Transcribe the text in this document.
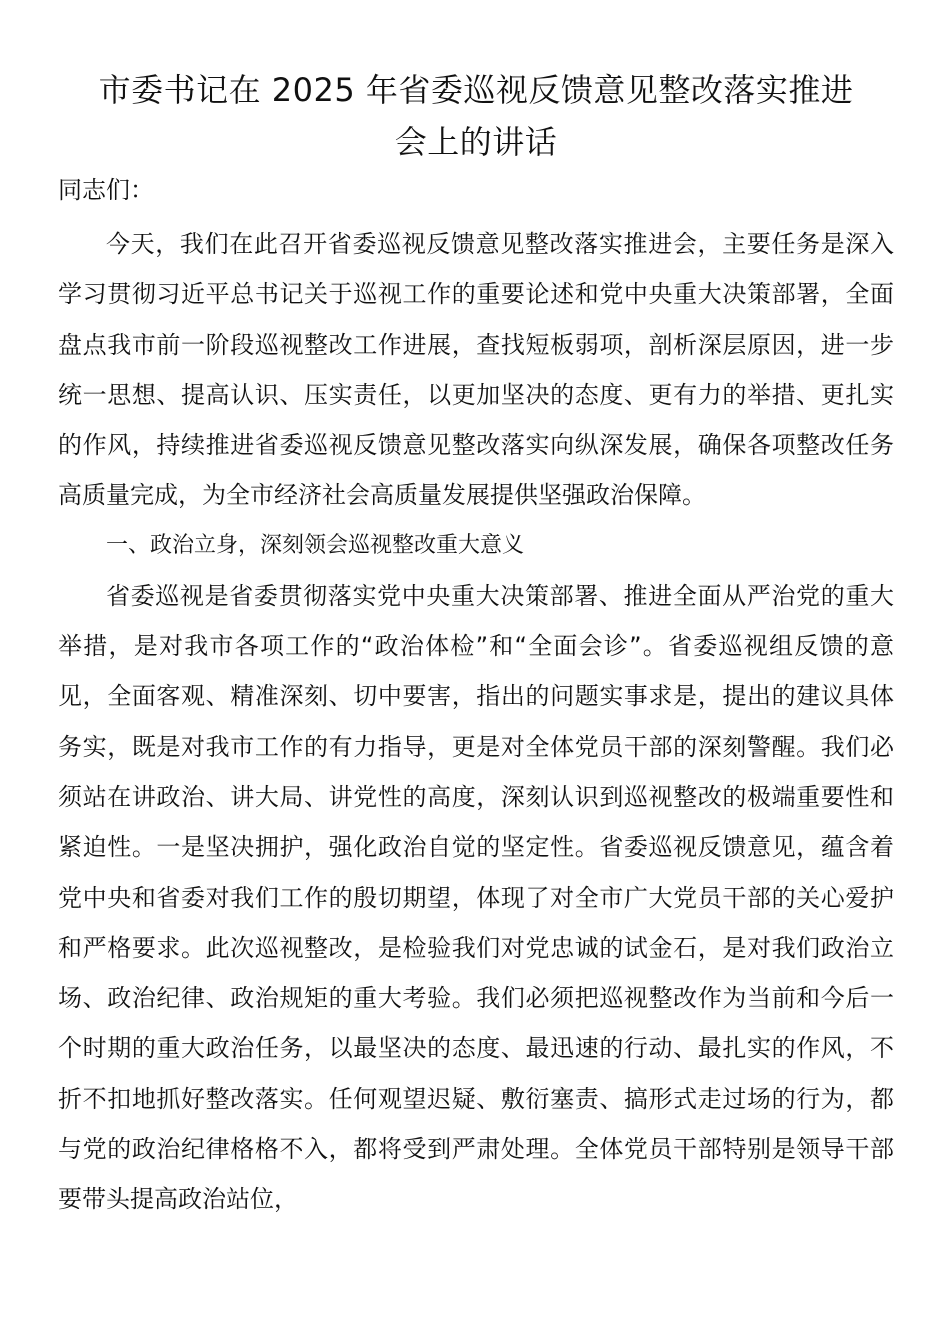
市委书记在 2025 年省委巡视反馈意见整改落实推进
会上的讲话

同志们：

今天，我们在此召开省委巡视反馈意见整改落实推进会，主要任务是深入学习贯彻习近平总书记关于巡视工作的重要论述和党中央重大决策部署，全面盘点我市前一阶段巡视整改工作进展，查找短板弱项，剖析深层原因，进一步统一思想、提高认识、压实责任，以更加坚决的态度、更有力的举措、更扎实的作风，持续推进省委巡视反馈意见整改落实向纵深发展，确保各项整改任务高质量完成，为全市经济社会高质量发展提供坚强政治保障。

一、政治立身，深刻领会巡视整改重大意义

省委巡视是省委贯彻落实党中央重大决策部署、推进全面从严治党的重大举措，是对我市各项工作的“政治体检”和“全面会诊”。省委巡视组反馈的意见，全面客观、精准深刻、切中要害，指出的问题实事求是，提出的建议具体务实，既是对我市工作的有力指导，更是对全体党员干部的深刻警醒。我们必须站在讲政治、讲大局、讲党性的高度，深刻认识到巡视整改的极端重要性和紧迫性。一是坚决拥护，强化政治自觉的坚定性。省委巡视反馈意见，蕴含着党中央和省委对我们工作的殷切期望，体现了对全市广大党员干部的关心爱护和严格要求。此次巡视整改，是检验我们对党忠诚的试金石，是对我们政治立场、政治纪律、政治规矩的重大考验。我们必须把巡视整改作为当前和今后一个时期的重大政治任务，以最坚决的态度、最迅速的行动、最扎实的作风，不折不扣地抓好整改落实。任何观望迟疑、敷衍塞责、搞形式走过场的行为，都与党的政治纪律格格不入，都将受到严肃处理。全体党员干部特别是领导干部要带头提高政治站位，
